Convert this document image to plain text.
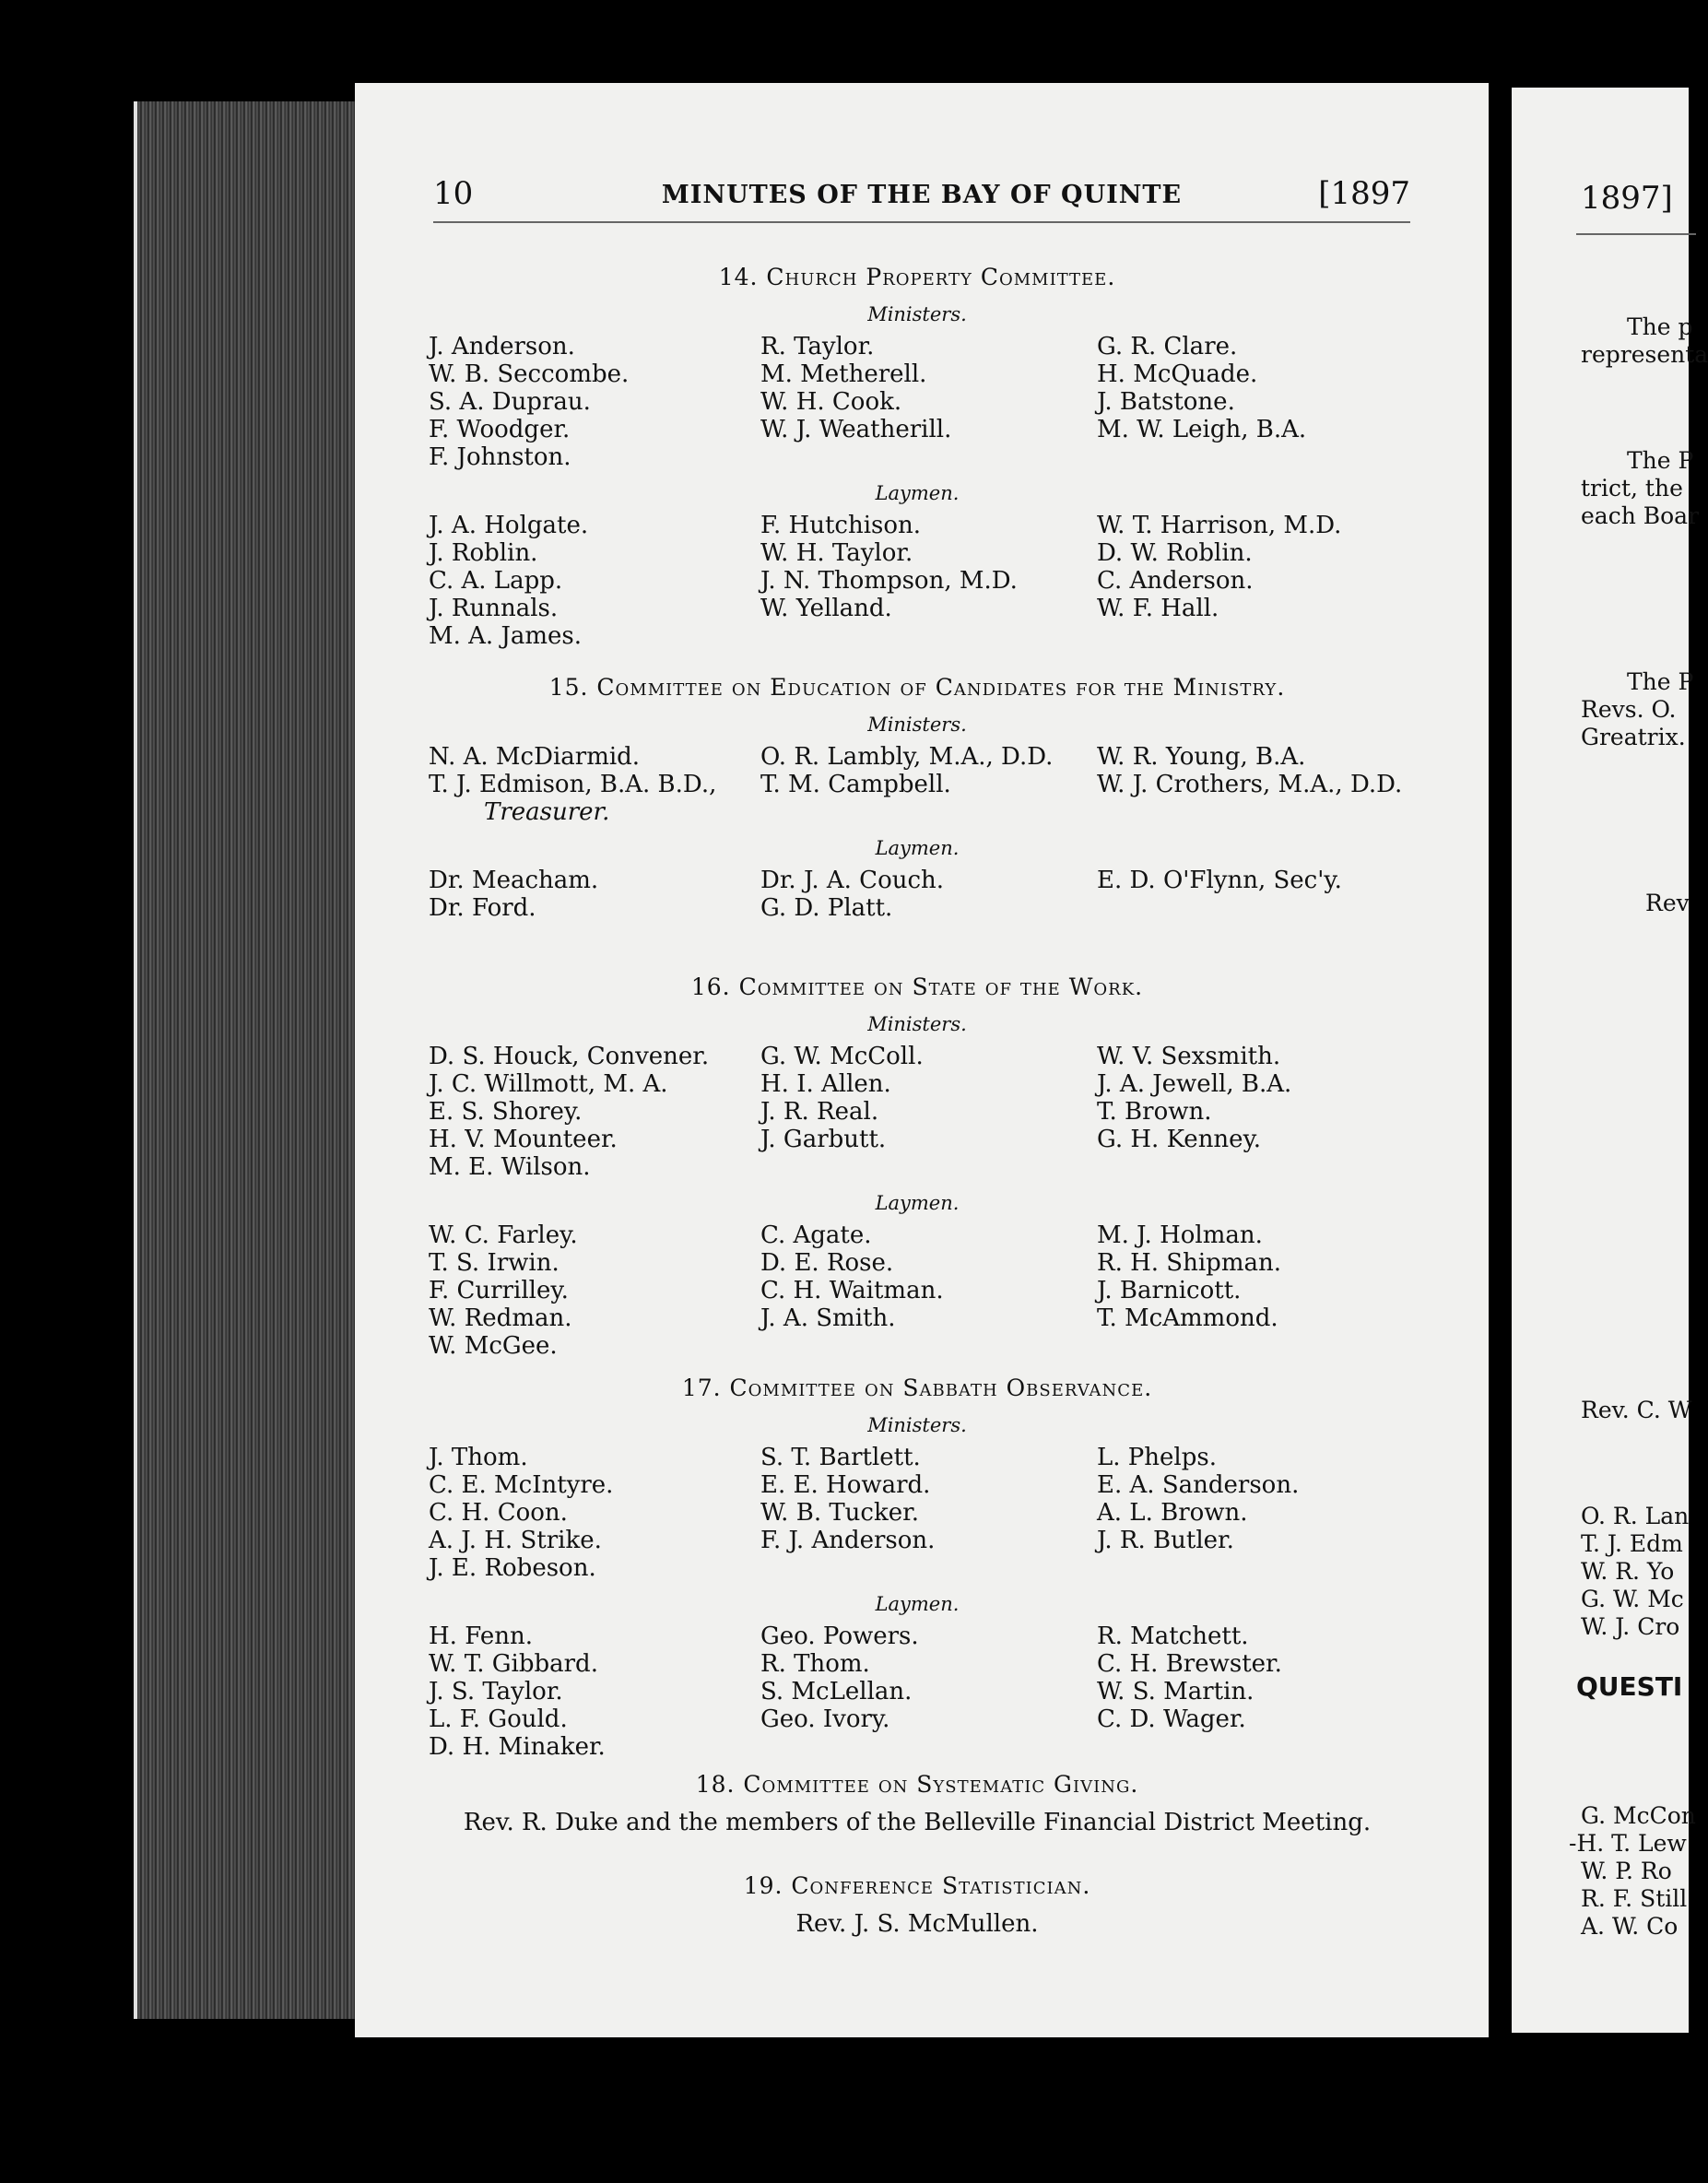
10	MINUTES OF THE BAY OF QUINTE	[1897
14. Church Property Committee.
Ministers.
J. Anderson.
W. B. Seccombe.
S. A. Duprau.
F. Woodger.
F. Johnston.
R. Taylor.
M. Metherell.
W. H. Cook.
W. J. Weatherill.
G. R. Clare.
H. McQuade.
J. Batstone.
M. W. Leigh, B.A.
Laymen.
J. A. Holgate.
J. Roblin.
C. A. Lapp.
J. Runnals.
M. A. James.
F. Hutchison.
W. H. Taylor.
J. N. Thompson, M.D.
W. Yelland.
W. T. Harrison, M.D.
D. W. Roblin.
C. Anderson.
W. F. Hall.
15. Committee on Education of Candidates for the Ministry.
Ministers.
N. A. McDiarmid.
T. J. Edmison, B.A. B.D.,
Treasurer.
O. R. Lambly, M.A., D.D.
T. M. Campbell.
W. R. Young, B.A.
W. J. Crothers, M.A., D.D.
Laymen.
Dr. Meacham.
Dr. Ford.
Dr. J. A. Couch.
G. D. Platt.
E. D. O'Flynn, Sec'y.
16. Committee on State of the Work.
Ministers.
D. S. Houck, Convener.
J. C. Willmott, M. A.
E. S. Shorey.
H. V. Mounteer.
M. E. Wilson.
G. W. McColl.
H. I. Allen.
J. R. Real.
J. Garbutt.
W. V. Sexsmith.
J. A. Jewell, B.A.
T. Brown.
G. H. Kenney.
Laymen.
W. C. Farley.
T. S. Irwin.
F. Currilley.
W. Redman.
W. McGee.
C. Agate.
D. E. Rose.
C. H. Waitman.
J. A. Smith.
M. J. Holman.
R. H. Shipman.
J. Barnicott.
T. McAmmond.
17. Committee on Sabbath Observance.
Ministers.
J. Thom.
C. E. McIntyre.
C. H. Coon.
A. J. H. Strike.
J. E. Robeson.
S. T. Bartlett.
E. E. Howard.
W. B. Tucker.
F. J. Anderson.
L. Phelps.
E. A. Sanderson.
A. L. Brown.
J. R. Butler.
Laymen.
H. Fenn.
W. T. Gibbard.
J. S. Taylor.
L. F. Gould.
D. H. Minaker.
Geo. Powers.
R. Thom.
S. McLellan.
Geo. Ivory.
R. Matchett.
C. H. Brewster.
W. S. Martin.
C. D. Wager.
18. Committee on Systematic Giving.
Rev. R. Duke and the members of the Belleville Financial District Meeting.
19. Conference Statistician.
Rev. J. S. McMullen.
1897]
The p
representa
The P
trict, the
each Boar
The P
Revs. O.
Greatrix.
Rev
Rev. C. W
O. R. Lan
T. J. Edm
W. R. Yo
G. W. Mc
W. J. Cro
QUESTI
G. McCon
-H. T. Lew
W. P. Ro
R. F. Still
A. W. Co
